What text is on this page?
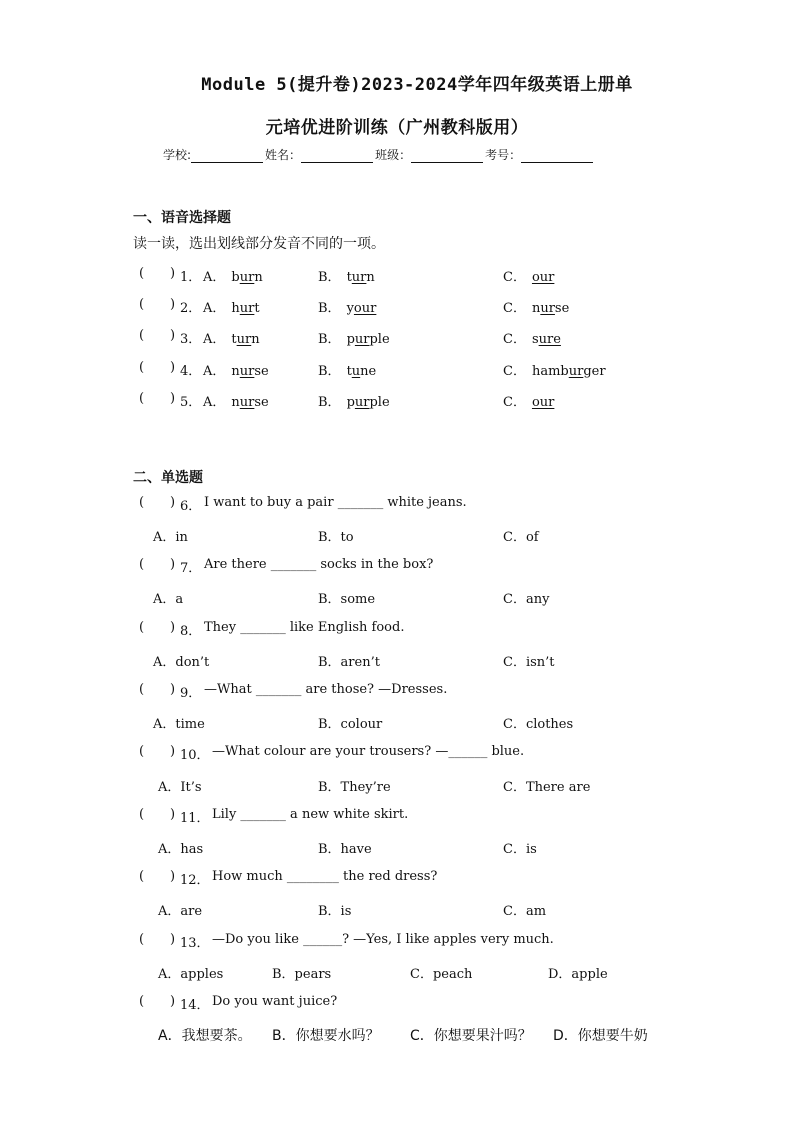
Module 5(提升卷)2023-2024学年四年级英语上册单
元培优进阶训练（广州教科版用）
学校:	姓名：	班级：	考号：
一、语音选择题
读一读，选出划线部分发音不同的一项。
( ) 1． A． burn	B． turn	C． our
( ) 2． A． hurt	B． your	C． nurse
( ) 3． A． turn	B． purple	C． sure
( ) 4． A． nurse	B． tune	C． hamburger
( ) 5． A． nurse	B． purple	C． our
二、单选题
( ) 6． I want to buy a pair _______ white jeans.
A．in	B．to	C．of
( ) 7． Are there _______ socks in the box?
A．a	B．some	C．any
( ) 8． They _______ like English food.
A．don’t	B．aren’t	C．isn’t
( ) 9． —What _______ are those? —Dresses.
A．time	B．colour	C．clothes
( ) 10． —What colour are your trousers? —______ blue.
A．It’s	B．They’re	C．There are
( ) 11． Lily _______ a new white skirt.
A．has	B．have	C．is
( ) 12． How much ________ the red dress?
A．are	B．is	C．am
( ) 13． —Do you like ______? —Yes, I like apples very much.
A．apples	B．pears	C．peach	D．apple
( ) 14． Do you want juice?
A．我想要茶。 B．你想要水吗？ C．你想要果汁吗？ D．你想要牛奶
